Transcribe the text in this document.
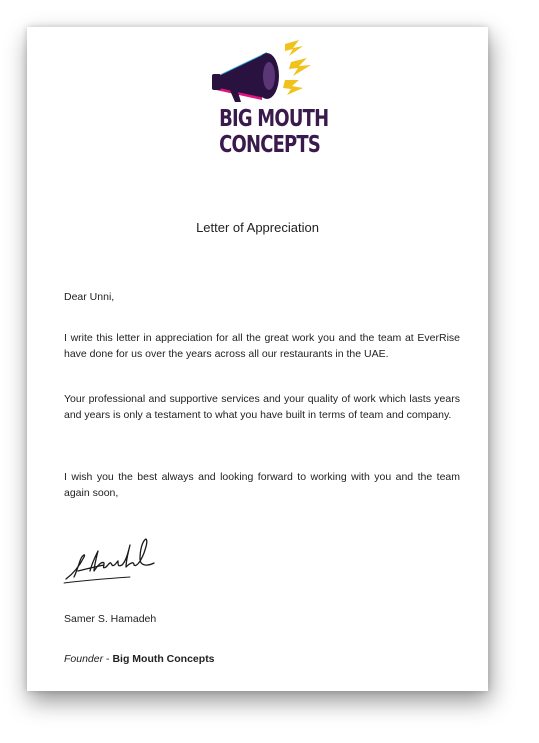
BIG MOUTH
CONCEPTS
Letter of Appreciation

Dear Unni,

I write this letter in appreciation for all the great work you and the team at EverRise have done for us over the years across all our restaurants in the UAE.

Your professional and supportive services and your quality of work which lasts years and years is only a testament to what you have built in terms of team and company.

I wish you the best always and looking forward to working with you and the team again soon,

Samer S. Hamadeh

Founder - Big Mouth Concepts
